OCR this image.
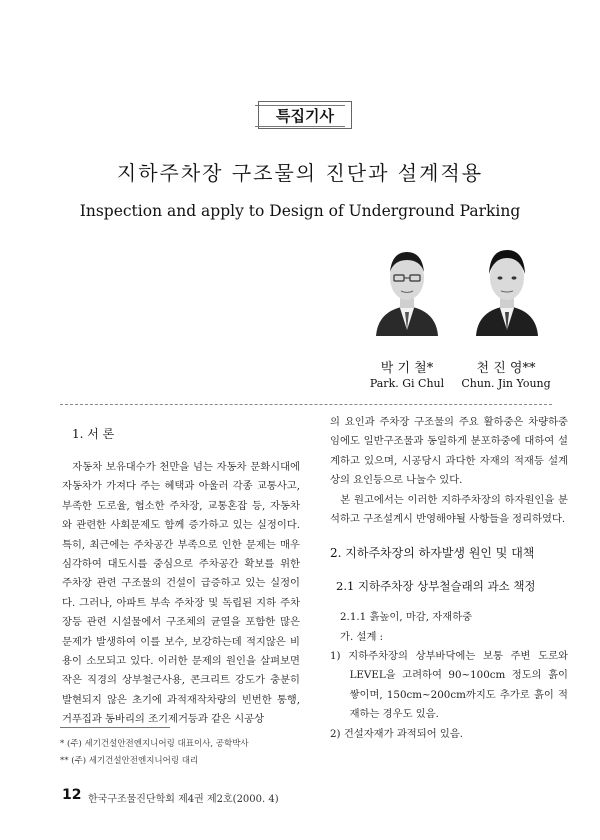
특집기사
지하주차장 구조물의 진단과 설계적용
Inspection and apply to Design of Underground Parking
박 기 철*
Park. Gi Chul
천 진 영**
Chun. Jin Young
1. 서 론

자동차 보유대수가 천만을 넘는 자동차 문화시대에 자동차가 가져다 주는 혜택과 아울러 각종 교통사고, 부족한 도로율, 협소한 주차장, 교통혼잡 등, 자동차와 관련한 사회문제도 함께 증가하고 있는 실정이다. 특히, 최근에는 주차공간 부족으로 인한 문제는 매우 심각하여 대도시를 중심으로 주차공간 확보를 위한 주차장 관련 구조물의 건설이 급증하고 있는 실정이다. 그러나, 아파트 부속 주차장 및 독립된 지하 주차장등 관련 시설물에서 구조체의 균열을 포함한 많은 문제가 발생하여 이를 보수, 보강하는데 적지않은 비용이 소모되고 있다. 이러한 문제의 원인을 살펴보면 작은 직경의 상부철근사용, 콘크리트 강도가 충분히 발현되지 않은 초기에 과적재작차량의 빈번한 통행, 거푸집과 동바리의 조기제거등과 같은 시공상

의 요인과 주차장 구조물의 주요 활하중은 차량하중임에도 일반구조물과 동일하게 분포하중에 대하여 설계하고 있으며, 시공당시 과다한 자재의 적재등 설계상의 요인등으로 나눌수 있다.

본 원고에서는 이러한 지하주차장의 하자원인을 분석하고 구조설계시 반영해야될 사항들을 정리하였다.

2. 지하주차장의 하자발생 원인 및 대책
2.1 지하주차장 상부철슬래의 과소 책정
2.1.1 흙높이, 마감, 자재하중
가. 설계 :

1) 지하주차장의 상부바닥에는 보통 주변 도로와 LEVEL을 고려하여 90~100cm 정도의 흙이 쌓이며, 150cm~200cm까지도 추가로 흙이 적재하는 경우도 있음.

2) 건설자재가 과적되어 있음.

* (주) 세기건설안전엔지니어링 대표이사, 공학박사
** (주) 세기건설안전엔지니어링 대리
12 한국구조물진단학회 제4권 제2호(2000. 4)
